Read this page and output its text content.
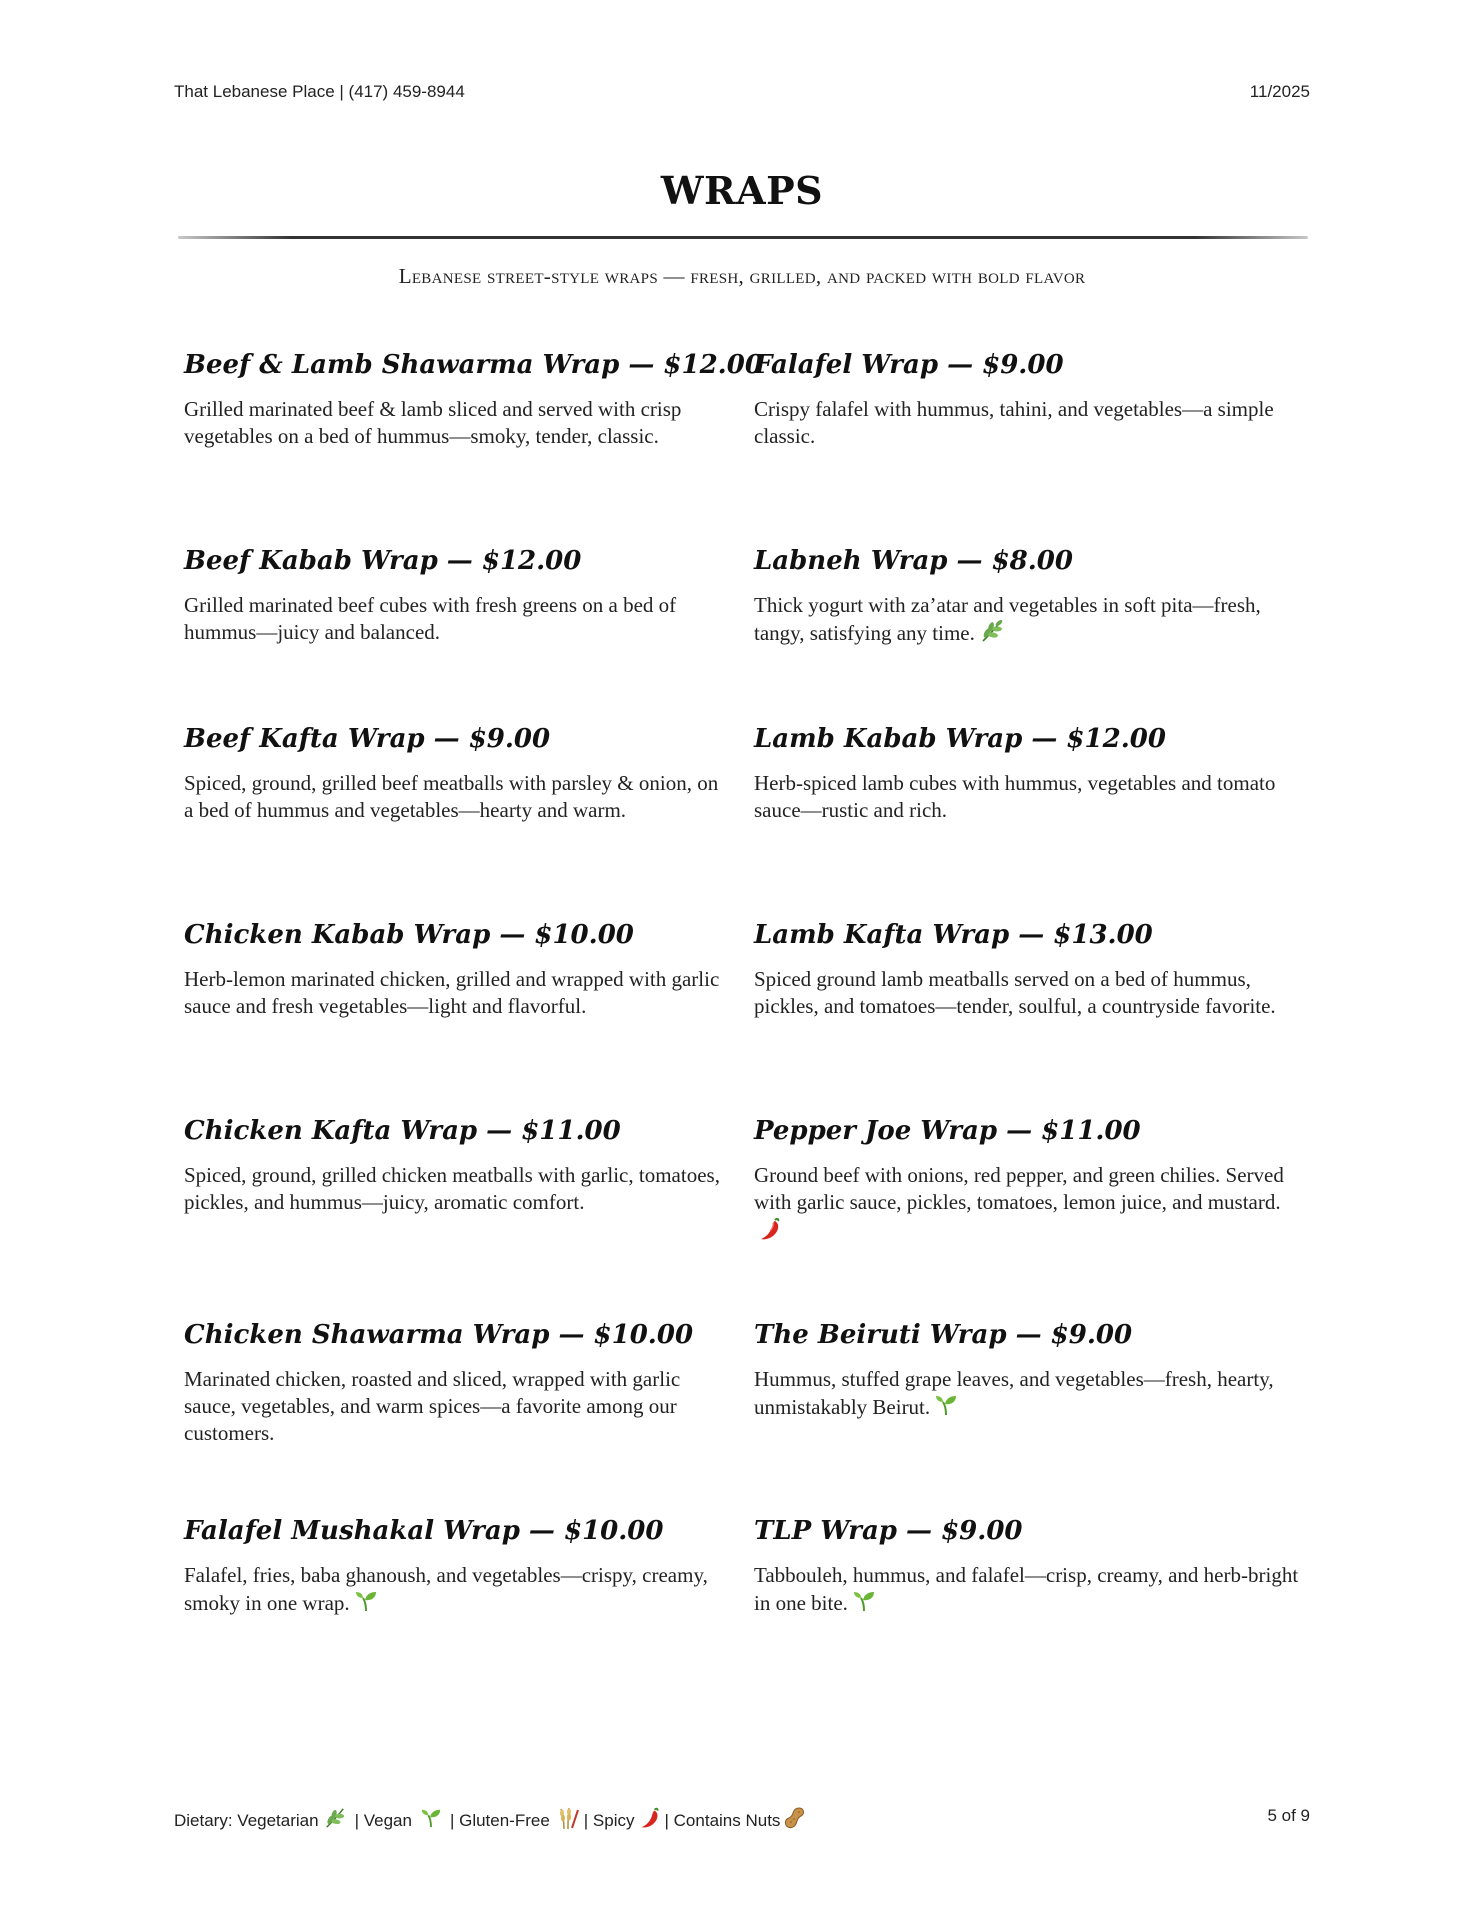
That Lebanese Place | (417) 459-8944	11/2025
WRAPS
Lebanese street-style wraps — fresh, grilled, and packed with bold flavor
Beef & Lamb Shawarma Wrap — $12.00
Grilled marinated beef & lamb sliced and served with crisp vegetables on a bed of hummus—smoky, tender, classic.
Beef Kabab Wrap — $12.00
Grilled marinated beef cubes with fresh greens on a bed of hummus—juicy and balanced.
Beef Kafta Wrap — $9.00
Spiced, ground, grilled beef meatballs with parsley & onion, on a bed of hummus and vegetables—hearty and warm.
Chicken Kabab Wrap — $10.00
Herb-lemon marinated chicken, grilled and wrapped with garlic sauce and fresh vegetables—light and flavorful.
Chicken Kafta Wrap — $11.00
Spiced, ground, grilled chicken meatballs with garlic, tomatoes, pickles, and hummus—juicy, aromatic comfort.
Chicken Shawarma Wrap — $10.00
Marinated chicken, roasted and sliced, wrapped with garlic sauce, vegetables, and warm spices—a favorite among our customers.
Falafel Mushakal Wrap — $10.00
Falafel, fries, baba ghanoush, and vegetables—crispy, creamy, smoky in one wrap.
Falafel Wrap — $9.00
Crispy falafel with hummus, tahini, and vegetables—a simple classic.
Labneh Wrap — $8.00
Thick yogurt with za’atar and vegetables in soft pita—fresh, tangy, satisfying any time.
Lamb Kabab Wrap — $12.00
Herb-spiced lamb cubes with hummus, vegetables and tomato sauce—rustic and rich.
Lamb Kafta Wrap — $13.00
Spiced ground lamb meatballs served on a bed of hummus, pickles, and tomatoes—tender, soulful, a countryside favorite.
Pepper Joe Wrap — $11.00
Ground beef with onions, red pepper, and green chilies. Served with garlic sauce, pickles, tomatoes, lemon juice, and mustard.
The Beiruti Wrap — $9.00
Hummus, stuffed grape leaves, and vegetables—fresh, hearty, unmistakably Beirut.
TLP Wrap — $9.00
Tabbouleh, hummus, and falafel—crisp, creamy, and herb-bright in one bite.
Dietary: Vegetarian | Vegan | Gluten-Free | Spicy | Contains Nuts	5 of 9
